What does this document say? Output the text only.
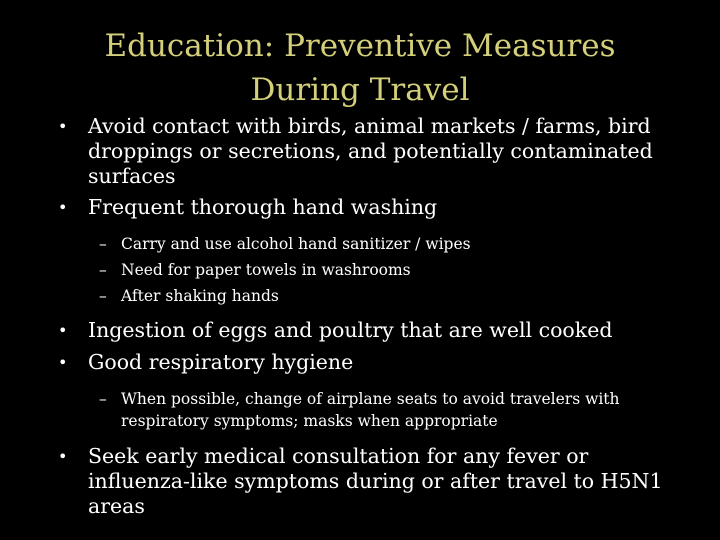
Education: Preventive Measures
During Travel
• Avoid contact with birds, animal markets / farms, bird droppings or secretions, and potentially contaminated surfaces
• Frequent thorough hand washing
– Carry and use alcohol hand sanitizer / wipes
– Need for paper towels in washrooms
– After shaking hands
• Ingestion of eggs and poultry that are well cooked
• Good respiratory hygiene
– When possible, change of airplane seats to avoid travelers with respiratory symptoms; masks when appropriate
• Seek early medical consultation for any fever or influenza-like symptoms during or after travel to H5N1 areas
